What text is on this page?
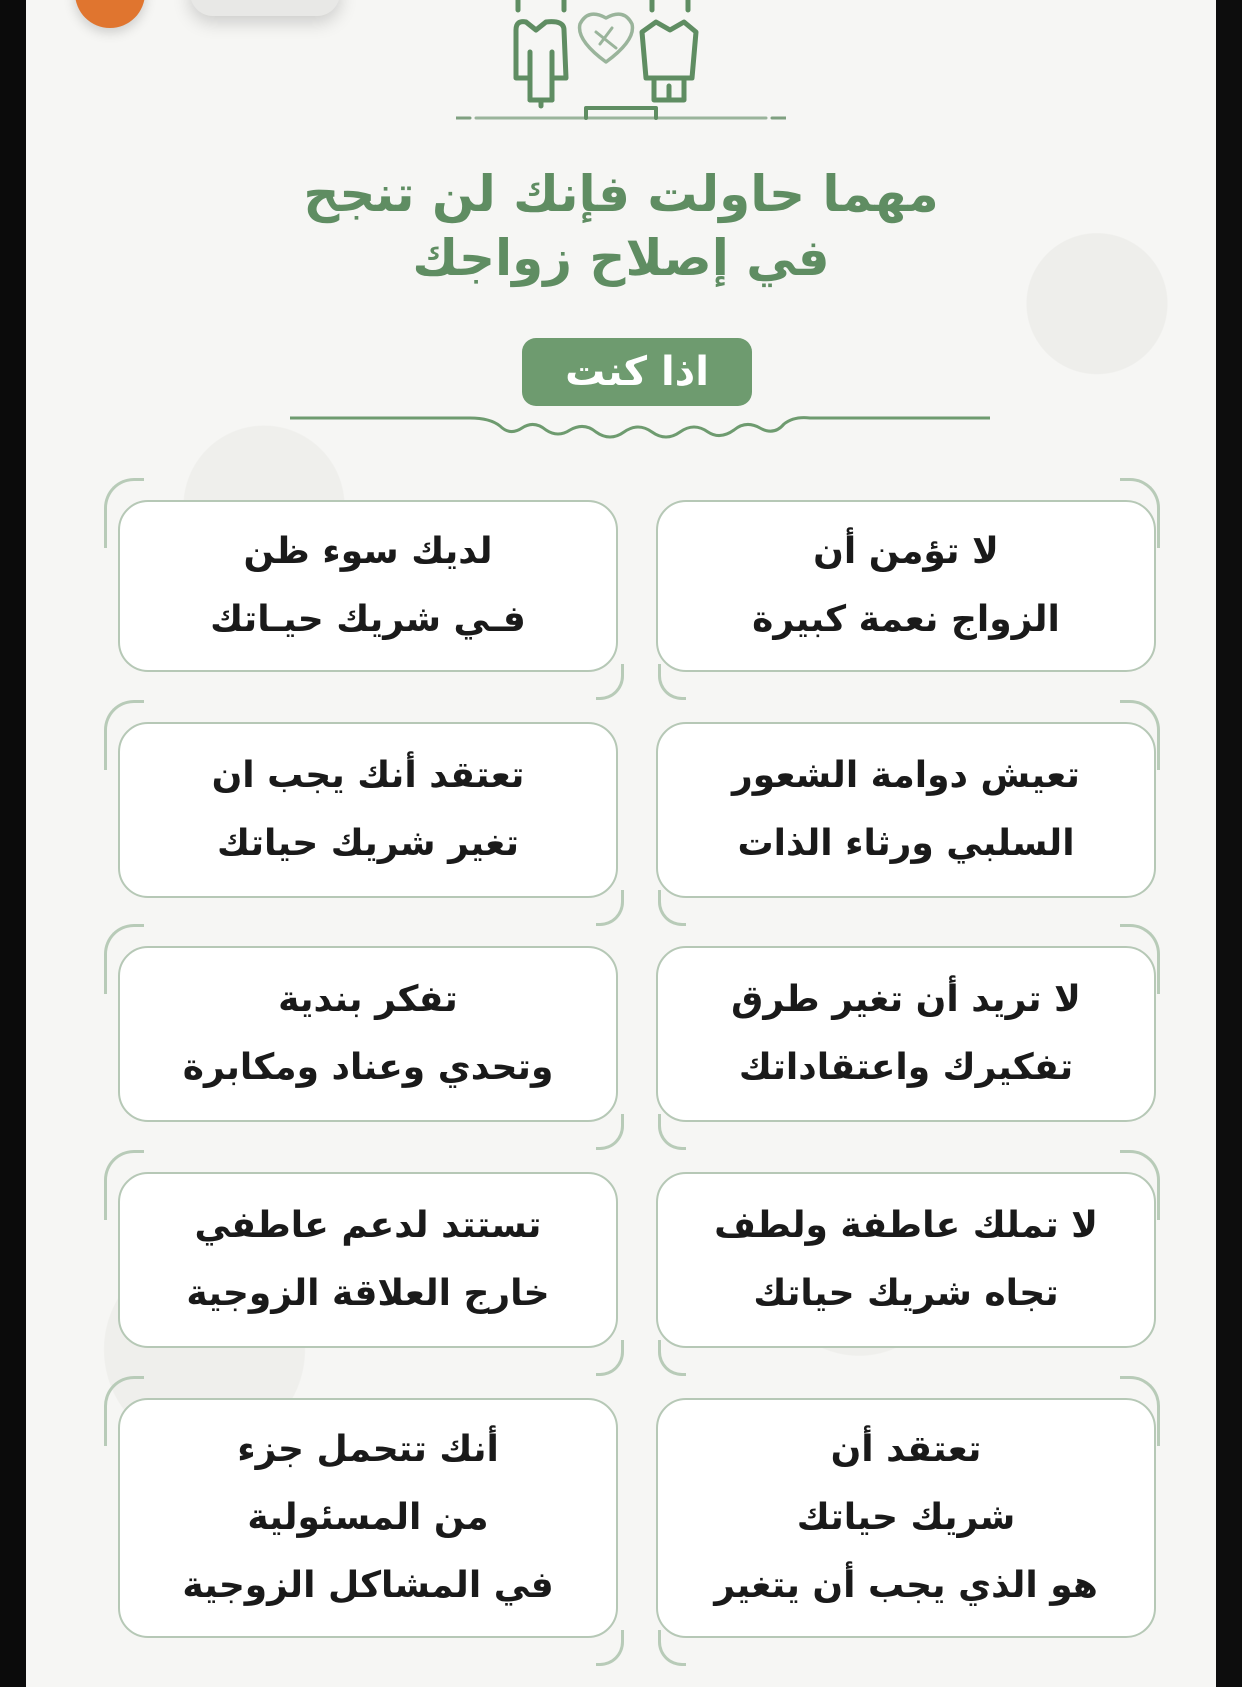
مهما حاولت فإنك لن تنجح
في إصلاح زواجك
اذا كنت
لا تؤمن أن
الزواج نعمة كبيرة
لديك سوء ظن
فـي شريك حيـاتك
تعيش دوامة الشعور
السلبي ورثاء الذات
تعتقد أنك يجب ان
تغير شريك حياتك
لا تريد أن تغير طرق
تفكيرك واعتقاداتك
تفكر بندية
وتحدي وعناد ومكابرة
لا تملك عاطفة ولطف
تجاه شريك حياتك
تستتد لدعم عاطفي
خارج العلاقة الزوجية
تعتقد أن
شريك حياتك
هو الذي يجب أن يتغير
أنك تتحمل جزء
من المسئولية
في المشاكل الزوجية
